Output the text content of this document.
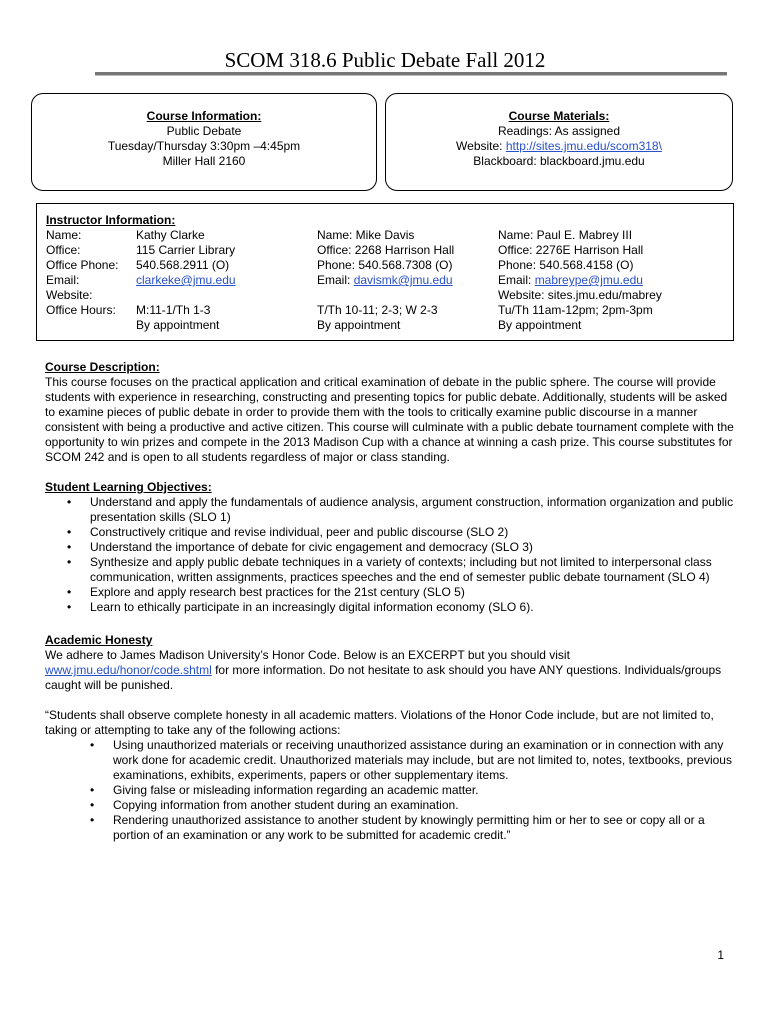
SCOM 318.6 Public Debate Fall 2012
Course Information:
Public Debate
Tuesday/Thursday 3:30pm –4:45pm
Miller Hall 2160
Course Materials:
Readings: As assigned
Website: http://sites.jmu.edu/scom318\
Blackboard: blackboard.jmu.edu
Instructor Information:
Name:
Office:
Office Phone:
Email:
Website:
Office Hours:
Kathy Clarke
115 Carrier Library
540.568.2911 (O)
clarkeke@jmu.edu
M:11-1/Th 1-3
By appointment
Name: Mike Davis
Office: 2268 Harrison Hall
Phone: 540.568.7308 (O)
Email: davismk@jmu.edu
T/Th 10-11; 2-3; W 2-3
By appointment
Name: Paul E. Mabrey III
Office: 2276E Harrison Hall
Phone: 540.568.4158 (O)
Email: mabreype@jmu.edu
Website: sites.jmu.edu/mabrey
Tu/Th 11am-12pm; 2pm-3pm
By appointment
Course Description:

This course focuses on the practical application and critical examination of debate in the public sphere. The course will provide students with experience in researching, constructing and presenting topics for public debate. Additionally, students will be asked to examine pieces of public debate in order to provide them with the tools to critically examine public discourse in a manner consistent with being a productive and active citizen. This course will culminate with a public debate tournament complete with the opportunity to win prizes and compete in the 2013 Madison Cup with a chance at winning a cash prize. This course substitutes for SCOM 242 and is open to all students regardless of major or class standing.

Student Learning Objectives:
• Understand and apply the fundamentals of audience analysis, argument construction, information organization and public presentation skills (SLO 1)
• Constructively critique and revise individual, peer and public discourse (SLO 2)
• Understand the importance of debate for civic engagement and democracy (SLO 3)
• Synthesize and apply public debate techniques in a variety of contexts; including but not limited to interpersonal class communication, written assignments, practices speeches and the end of semester public debate tournament (SLO 4)
• Explore and apply research best practices for the 21st century (SLO 5)
• Learn to ethically participate in an increasingly digital information economy (SLO 6).
Academic Honesty

We adhere to James Madison University’s Honor Code. Below is an EXCERPT but you should visit www.jmu.edu/honor/code.shtml for more information. Do not hesitate to ask should you have ANY questions. Individuals/groups caught will be punished.

“Students shall observe complete honesty in all academic matters. Violations of the Honor Code include, but are not limited to, taking or attempting to take any of the following actions:

• Using unauthorized materials or receiving unauthorized assistance during an examination or in connection with any work done for academic credit. Unauthorized materials may include, but are not limited to, notes, textbooks, previous examinations, exhibits, experiments, papers or other supplementary items.
• Giving false or misleading information regarding an academic matter.
• Copying information from another student during an examination.
• Rendering unauthorized assistance to another student by knowingly permitting him or her to see or copy all or a portion of an examination or any work to be submitted for academic credit.”
1
